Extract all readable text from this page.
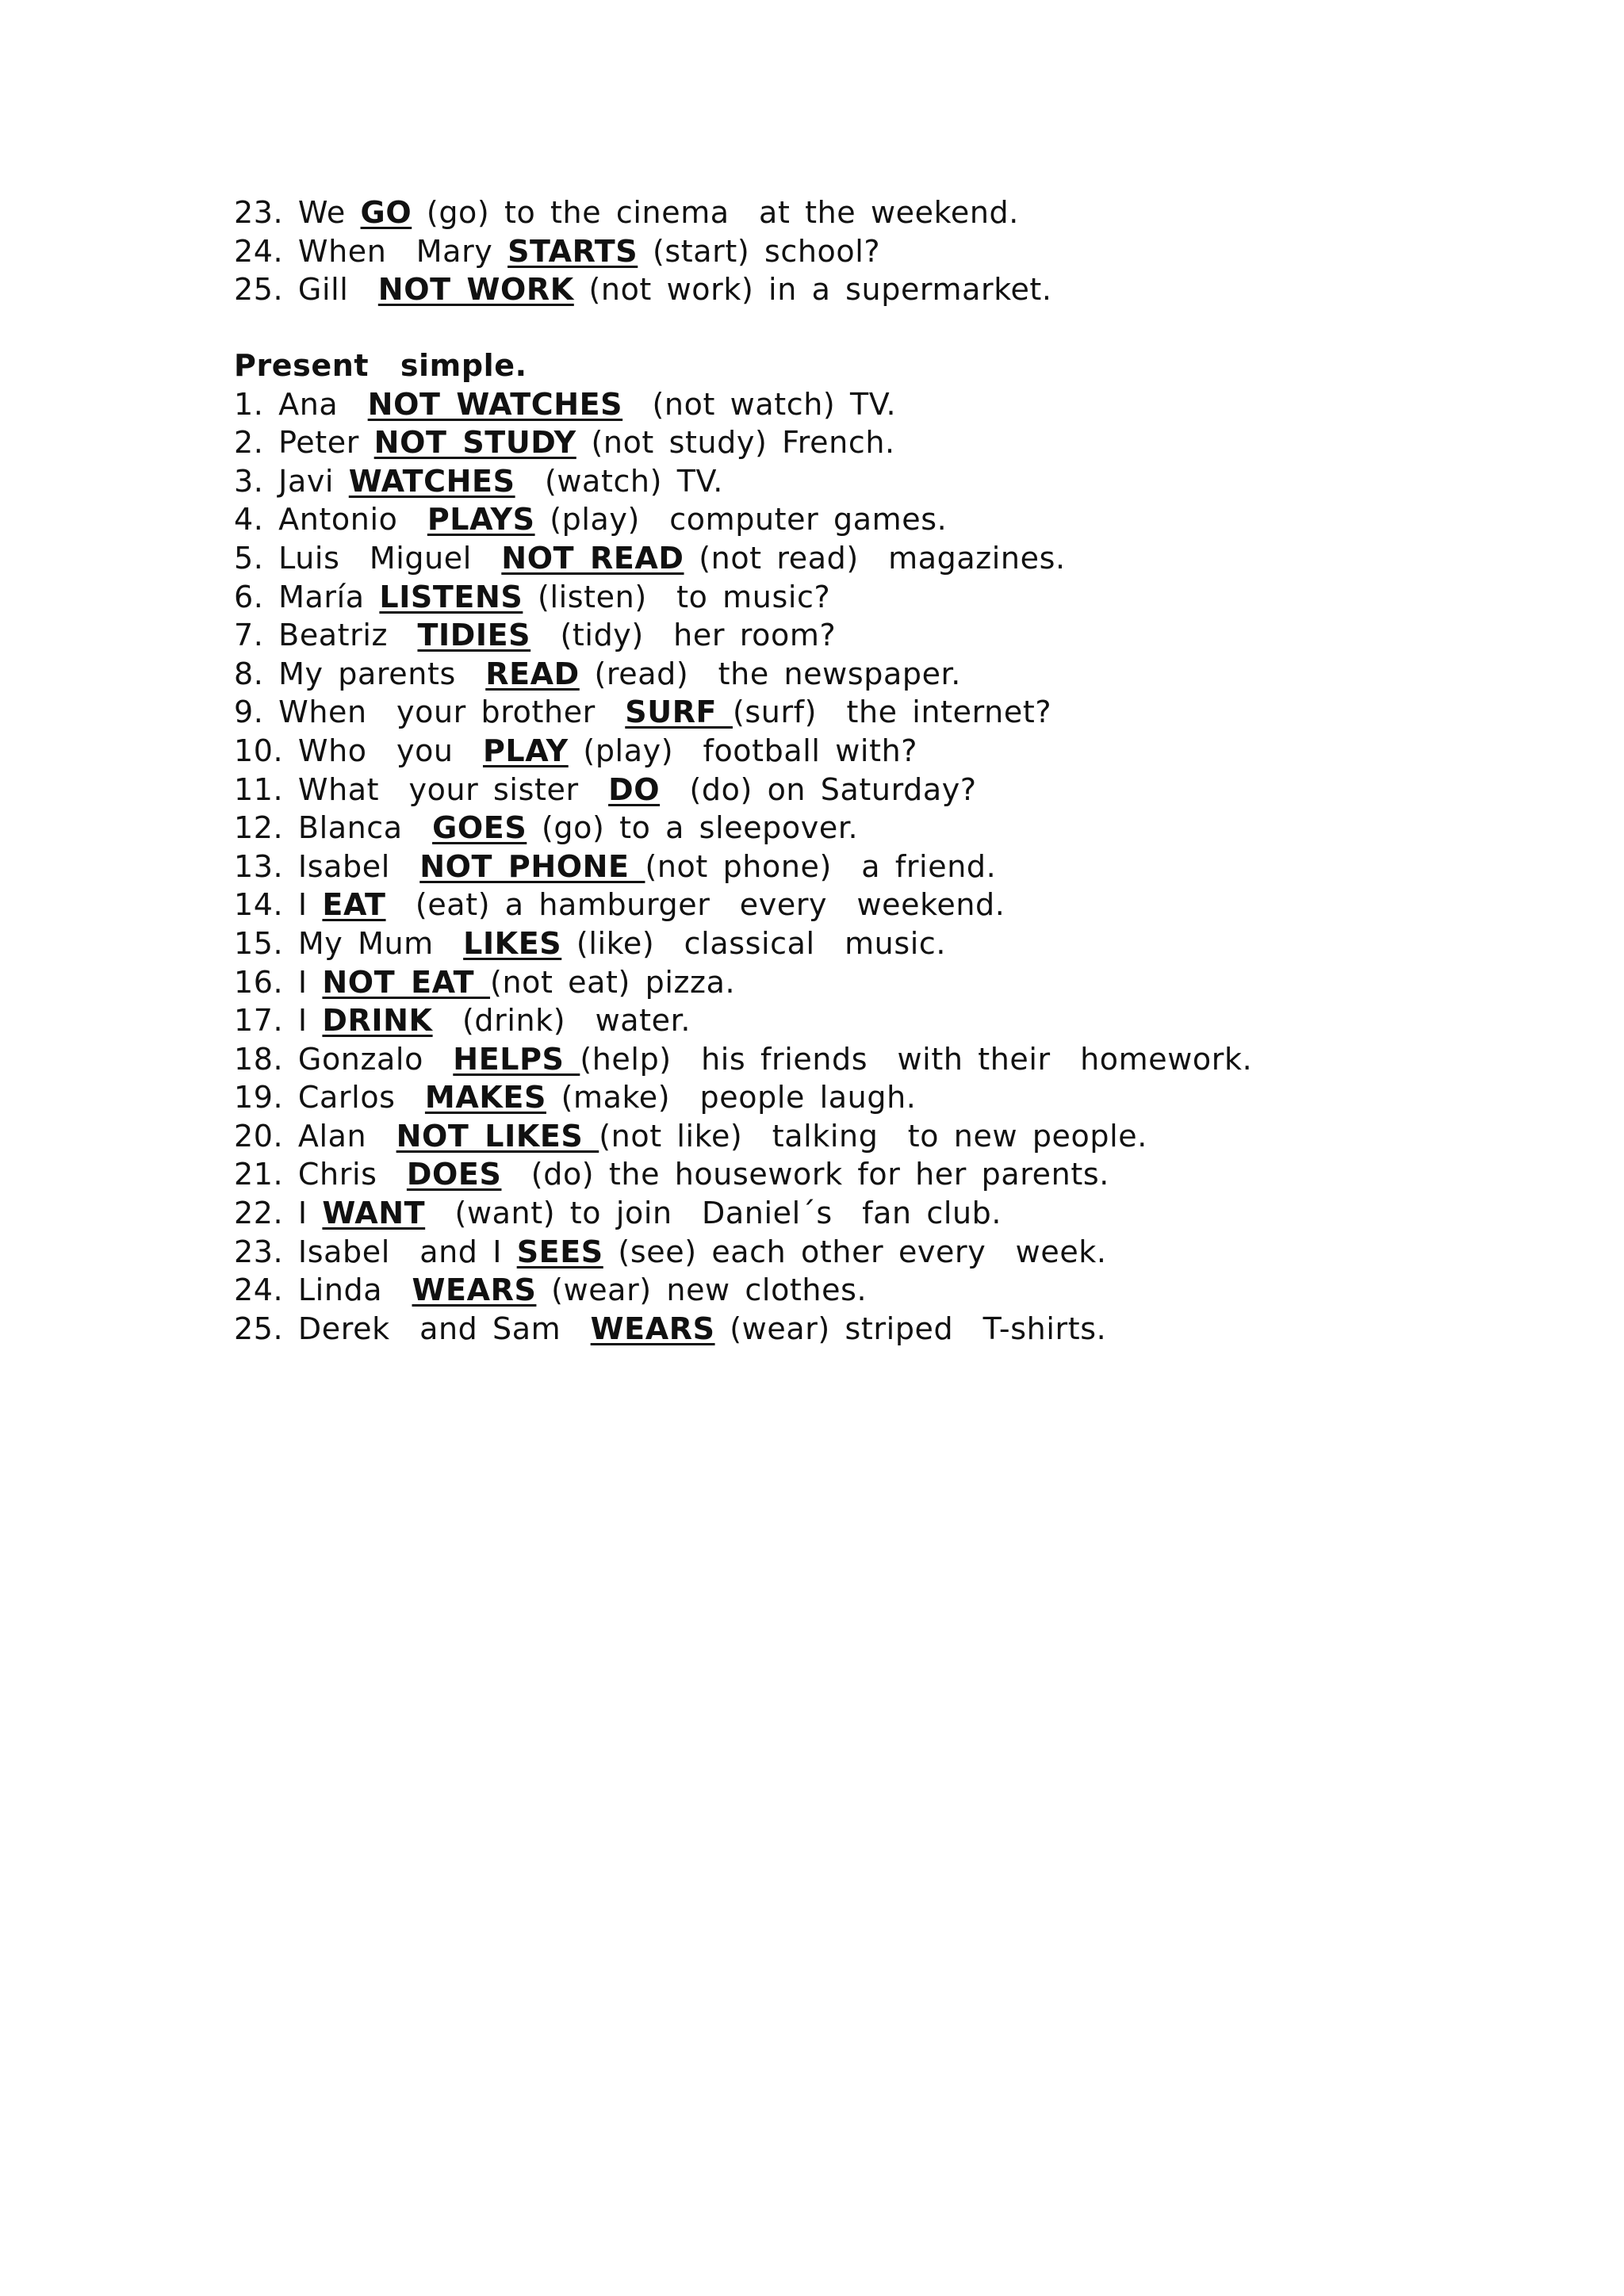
23. We GO (go) to the cinema  at the weekend.
24. When  Mary STARTS (start) school?
25. Gill  NOT WORK (not work) in a supermarket.
Present  simple.
1. Ana  NOT WATCHES  (not watch) TV.
2. Peter NOT STUDY (not study) French.
3. Javi WATCHES  (watch) TV.
4. Antonio  PLAYS (play)  computer games.
5. Luis  Miguel  NOT READ (not read)  magazines.
6. María LISTENS (listen)  to music?
7. Beatriz  TIDIES  (tidy)  her room?
8. My parents  READ (read)  the newspaper.
9. When  your brother  SURF (surf)  the internet?
10. Who  you  PLAY (play)  football with?
11. What  your sister  DO  (do) on Saturday?
12. Blanca  GOES (go) to a sleepover.
13. Isabel  NOT PHONE (not phone)  a friend.
14. I EAT  (eat) a hamburger  every  weekend.
15. My Mum  LIKES (like)  classical  music.
16. I NOT EAT (not eat) pizza.
17. I DRINK  (drink)  water.
18. Gonzalo  HELPS (help)  his friends  with their  homework.
19. Carlos  MAKES (make)  people laugh.
20. Alan  NOT LIKES (not like)  talking  to new people.
21. Chris  DOES  (do) the housework for her parents.
22. I WANT  (want) to join  Daniel´s  fan club.
23. Isabel  and I SEES (see) each other every  week.
24. Linda  WEARS (wear) new clothes.
25. Derek  and Sam  WEARS (wear) striped  T-shirts.
